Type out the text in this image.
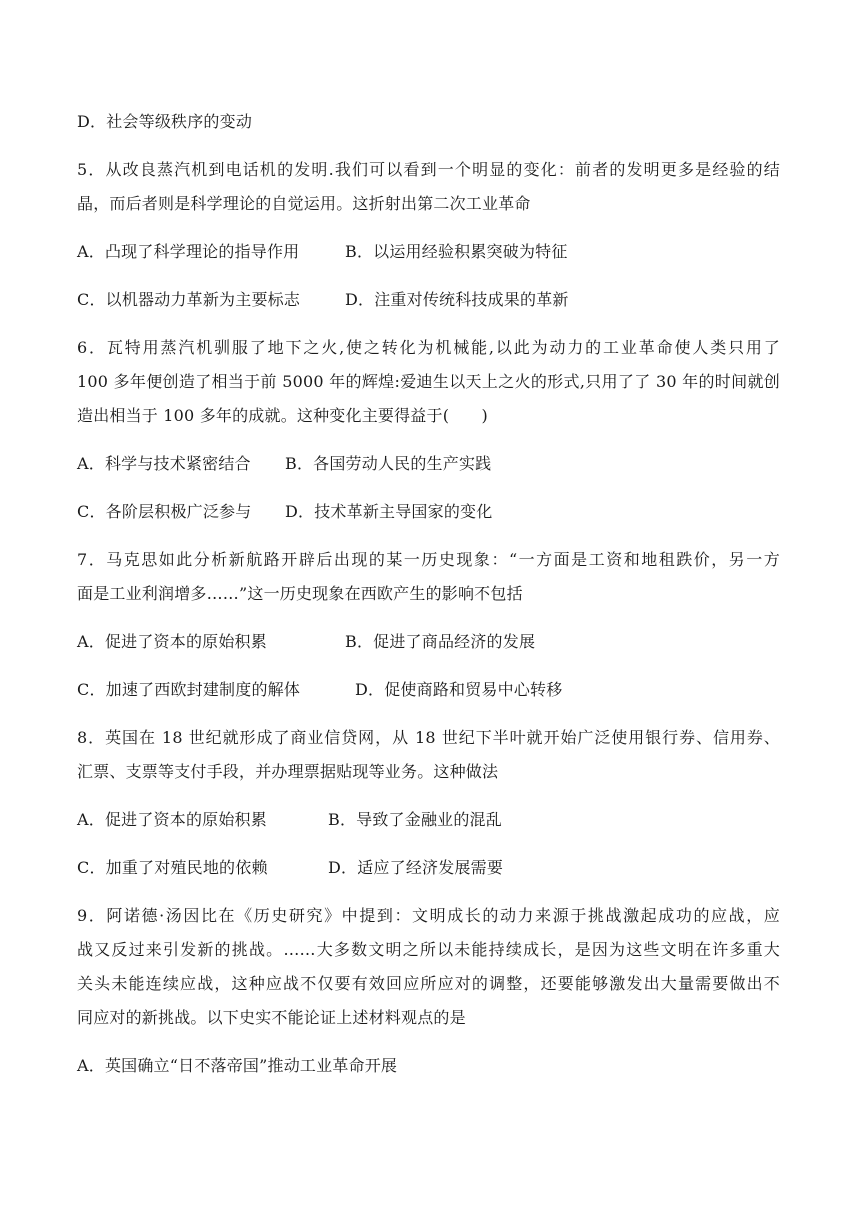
D．社会等级秩序的变动
5．从改良蒸汽机到电话机的发明.我们可以看到一个明显的变化：前者的发明更多是经验的结
晶，而后者则是科学理论的自觉运用。这折射出第二次工业革命
A．凸现了科学理论的指导作用	B．以运用经验积累突破为特征
C．以机器动力革新为主要标志	D．注重对传统科技成果的革新
6．瓦特用蒸汽机驯服了地下之火,使之转化为机械能,以此为动力的工业革命使人类只用了
100 多年便创造了相当于前 5000 年的辉煌:爱迪生以天上之火的形式,只用了了 30 年的时间就创
造出相当于 100 多年的成就。这种变化主要得益于(　　)
A．科学与技术紧密结合 B．各国劳动人民的生产实践
C．各阶层积极广泛参与 D．技术革新主导国家的变化
7．马克思如此分析新航路开辟后出现的某一历史现象：“一方面是工资和地租跌价，另一方
面是工业利润增多……”这一历史现象在西欧产生的影响不包括
A．促进了资本的原始积累	B．促进了商品经济的发展
C．加速了西欧封建制度的解体	D．促使商路和贸易中心转移
8．英国在 18 世纪就形成了商业信贷网，从 18 世纪下半叶就开始广泛使用银行券、信用券、
汇票、支票等支付手段，并办理票据贴现等业务。这种做法
A．促进了资本的原始积累	B．导致了金融业的混乱
C．加重了对殖民地的依赖	D．适应了经济发展需要
9．阿诺德·汤因比在《历史研究》中提到：文明成长的动力来源于挑战激起成功的应战，应
战又反过来引发新的挑战。……大多数文明之所以未能持续成长，是因为这些文明在许多重大
关头未能连续应战，这种应战不仅要有效回应所应对的调整，还要能够激发出大量需要做出不
同应对的新挑战。以下史实不能论证上述材料观点的是
A．英国确立“日不落帝国”推动工业革命开展
